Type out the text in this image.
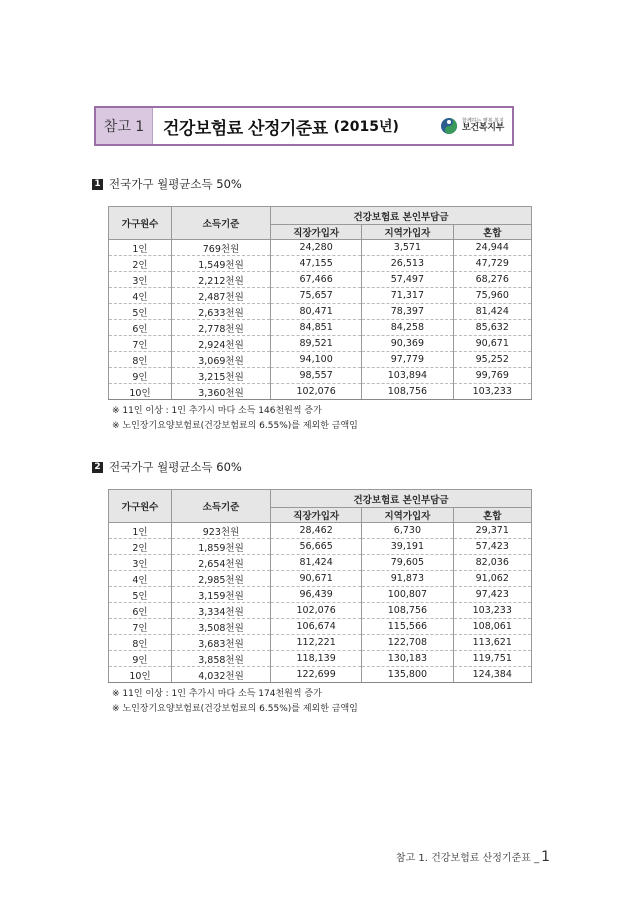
참고 1	건강보험료 산정기준표 (2015년)	함께하는 행복 복지
보건복지부
1 전국가구 월평균소득 50%
가구원수	소득기준	건강보험료 본인부담금		
		직장가입자	지역가입자	혼합
1인	769천원	24,280	3,571	24,944
2인	1,549천원	47,155	26,513	47,729
3인	2,212천원	67,466	57,497	68,276
4인	2,487천원	75,657	71,317	75,960
5인	2,633천원	80,471	78,397	81,424
6인	2,778천원	84,851	84,258	85,632
7인	2,924천원	89,521	90,369	90,671
8인	3,069천원	94,100	97,779	95,252
9인	3,215천원	98,557	103,894	99,769
10인	3,360천원	102,076	108,756	103,233
※ 11인 이상 : 1인 추가시 마다 소득 146천원씩 증가
※ 노인장기요양보험료(건강보험료의 6.55%)를 제외한 금액임
2 전국가구 월평균소득 60%
가구원수	소득기준	건강보험료 본인부담금		
		직장가입자	지역가입자	혼합
1인	923천원	28,462	6,730	29,371
2인	1,859천원	56,665	39,191	57,423
3인	2,654천원	81,424	79,605	82,036
4인	2,985천원	90,671	91,873	91,062
5인	3,159천원	96,439	100,807	97,423
6인	3,334천원	102,076	108,756	103,233
7인	3,508천원	106,674	115,566	108,061
8인	3,683천원	112,221	122,708	113,621
9인	3,858천원	118,139	130,183	119,751
10인	4,032천원	122,699	135,800	124,384
※ 11인 이상 : 1인 추가시 마다 소득 174천원씩 증가
※ 노인장기요양보험료(건강보험료의 6.55%)를 제외한 금액임
참고 1. 건강보험료 산정기준표 _ 1
